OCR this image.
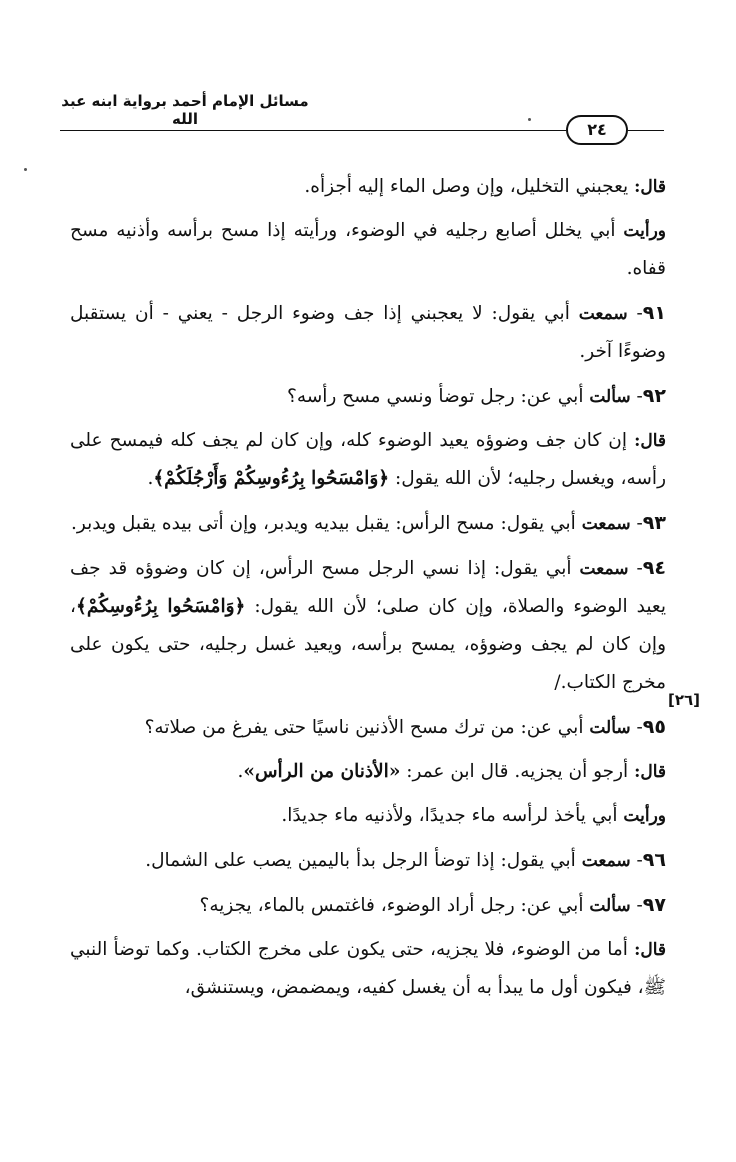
مسائل الإمام أحمد برواية ابنه عبد الله
٢٤
[٢٦]

قال: يعجبني التخليل، وإن وصل الماء إليه أجزأه.

ورأيت أبي يخلل أصابع رجليه في الوضوء، ورأيته إذا مسح برأسه وأذنيه مسح قفاه.

٩١- سمعت أبي يقول: لا يعجبني إذا جف وضوء الرجل - يعني - أن يستقبل وضوءًا آخر.

٩٢- سألت أبي عن: رجل توضأ ونسي مسح رأسه؟

قال: إن كان جف وضوؤه يعيد الوضوء كله، وإن كان لم يجف كله فيمسح على رأسه، ويغسل رجليه؛ لأن الله يقول: ﴿وَامْسَحُوا بِرُءُوسِكُمْ وَأَرْجُلَكُمْ﴾.

٩٣- سمعت أبي يقول: مسح الرأس: يقبل بيديه ويدبر، وإن أتى بيده يقبل ويدبر.

٩٤- سمعت أبي يقول: إذا نسي الرجل مسح الرأس، إن كان وضوؤه قد جف يعيد الوضوء والصلاة، وإن كان صلى؛ لأن الله يقول: ﴿وَامْسَحُوا بِرُءُوسِكُمْ﴾، وإن كان لم يجف وضوؤه، يمسح برأسه، ويعيد غسل رجليه، حتى يكون على مخرج الكتاب./

٩٥- سألت أبي عن: من ترك مسح الأذنين ناسيًا حتى يفرغ من صلاته؟

قال: أرجو أن يجزيه. قال ابن عمر: «الأذنان من الرأس».

ورأيت أبي يأخذ لرأسه ماء جديدًا، ولأذنيه ماء جديدًا.

٩٦- سمعت أبي يقول: إذا توضأ الرجل بدأ باليمين يصب على الشمال.

٩٧- سألت أبي عن: رجل أراد الوضوء، فاغتمس بالماء، يجزيه؟

قال: أما من الوضوء، فلا يجزيه، حتى يكون على مخرج الكتاب. وكما توضأ النبي ﷺ، فيكون أول ما يبدأ به أن يغسل كفيه، ويمضمض، ويستنشق،
